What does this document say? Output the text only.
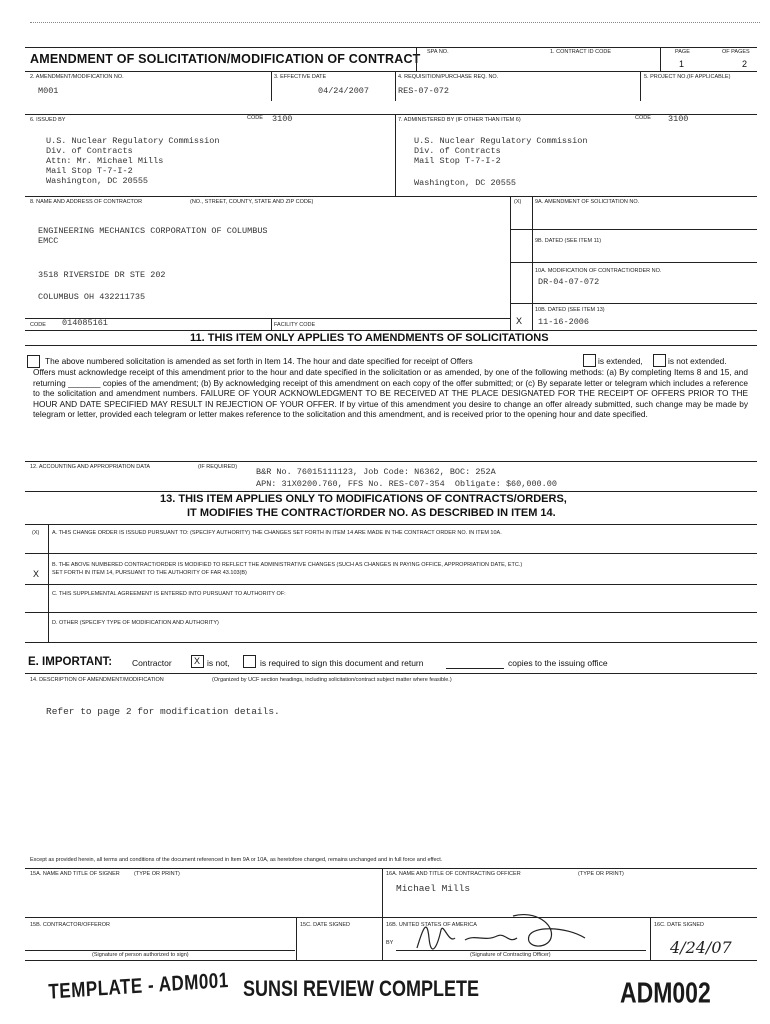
AMENDMENT OF SOLICITATION/MODIFICATION OF CONTRACT SPA NO.	1. CONTRACT ID CODE	PAGE	OF PAGES
1	2
2. AMENDMENT/MODIFICATION NO.
M001
3. EFFECTIVE DATE
04/24/2007
4. REQUISITION/PURCHASE REQ. NO.
RES-07-072
5. PROJECT NO.(IF APPLICABLE)
6. ISSUED BY	CODE 3100
U.S. Nuclear Regulatory Commission
Div. of Contracts
Attn: Mr. Michael Mills
Mail Stop T-7-I-2
Washington, DC 20555
7. ADMINISTERED BY (IF OTHER THAN ITEM 6)	CODE 3100
U.S. Nuclear Regulatory Commission
Div. of Contracts
Mail Stop T-7-I-2
Washington, DC 20555
8. NAME AND ADDRESS OF CONTRACTOR	(NO., STREET, COUNTY, STATE AND ZIP CODE)
ENGINEERING MECHANICS CORPORATION OF COLUMBUS
EMCC
3518 RIVERSIDE DR STE 202
COLUMBUS OH 432211735
CODE 014085161	FACILITY CODE
(X) 9A. AMENDMENT OF SOLICITATION NO.
9B. DATED (SEE ITEM 11)
10A. MODIFICATION OF CONTRACT/ORDER NO.
DR-04-07-072
10B. DATED (SEE ITEM 13)
11-16-2006
X
11. THIS ITEM ONLY APPLIES TO AMENDMENTS OF SOLICITATIONS
The above numbered solicitation is amended as set forth in Item 14. The hour and date specified for receipt of Offers	is extended,	is not extended.
Offers must acknowledge receipt of this amendment prior to the hour and date specified in the solicitation or as amended, by one of the following methods: (a) By completing Items 8 and 15, and returning _______ copies of the amendment; (b) By acknowledging receipt of this amendment on each copy of the offer submitted; or (c) By separate letter or telegram which includes a reference to the solicitation and amendment numbers. FAILURE OF YOUR ACKNOWLEDGMENT TO BE RECEIVED AT THE PLACE DESIGNATED FOR THE RECEIPT OF OFFERS PRIOR TO THE HOUR AND DATE SPECIFIED MAY RESULT IN REJECTION OF YOUR OFFER. If by virtue of this amendment you desire to change an offer already submitted, such change may be made by telegram or letter, provided each telegram or letter makes reference to the solicitation and this amendment, and is received prior to the opening hour and date specified.
12. ACCOUNTING AND APPROPRIATION DATA	(IF REQUIRED) B&R No. 76015111123, Job Code: N6362, BOC: 252A
APN: 31X0200.760, FFS No. RES-C07-354  Obligate: $60,000.00
13. THIS ITEM APPLIES ONLY TO MODIFICATIONS OF CONTRACTS/ORDERS,
IT MODIFIES THE CONTRACT/ORDER NO. AS DESCRIBED IN ITEM 14.
(X) A. THIS CHANGE ORDER IS ISSUED PURSUANT TO: (SPECIFY AUTHORITY) THE CHANGES SET FORTH IN ITEM 14 ARE MADE IN THE CONTRACT ORDER NO. IN ITEM 10A.
B. THE ABOVE NUMBERED CONTRACT/ORDER IS MODIFIED TO REFLECT THE ADMINISTRATIVE CHANGES (SUCH AS CHANGES IN PAYING OFFICE, APPROPRIATION DATE, ETC.)
SET FORTH IN ITEM 14, PURSUANT TO THE AUTHORITY OF FAR 43.103(B)
X
C. THIS SUPPLEMENTAL AGREEMENT IS ENTERED INTO PURSUANT TO AUTHORITY OF:
D. OTHER (SPECIFY TYPE OF MODIFICATION AND AUTHORITY)
E. IMPORTANT: Contractor X is not,	is required to sign this document and return	copies to the issuing office
14. DESCRIPTION OF AMENDMENT/MODIFICATION	(Organized by UCF section headings, including solicitation/contract subject matter where feasible.)
Refer to page 2 for modification details.
Except as provided herein, all terms and conditions of the document referenced in Item 9A or 10A, as heretofore changed, remains unchanged and in full force and effect.
15A. NAME AND TITLE OF SIGNER	(TYPE OR PRINT)	16A. NAME AND TITLE OF CONTRACTING OFFICER	(TYPE OR PRINT)
Michael Mills
15B. CONTRACTOR/OFFEROR	15C. DATE SIGNED
(Signature of person authorized to sign)
16B. UNITED STATES OF AMERICA
BY
(Signature of Contracting Officer)
16C. DATE SIGNED
4/24/07
TEMPLATE - ADM001 SUNSI REVIEW COMPLETE	ADM002
